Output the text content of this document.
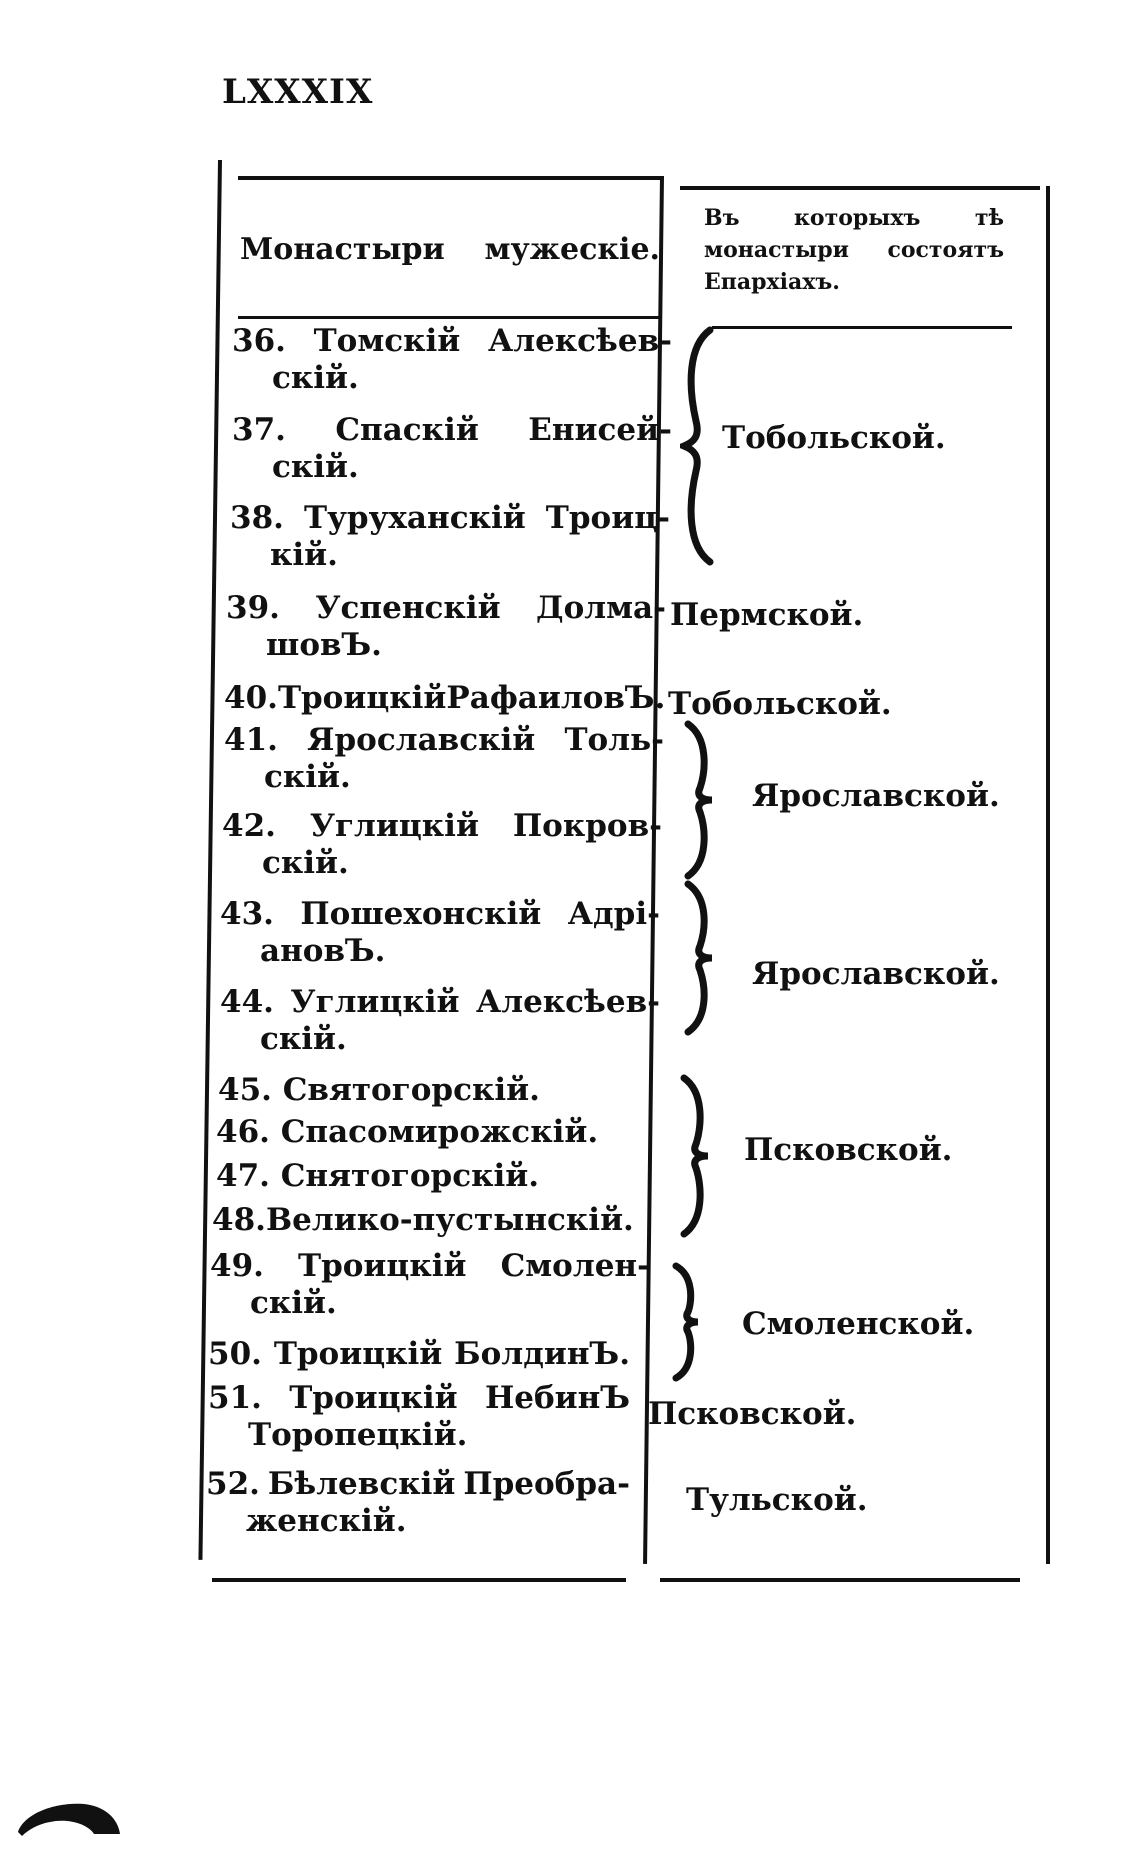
LXXXIX
Монастыри мужескіе.
Въ которыхъ тѣ монастыри состоятъ Епархіахъ.
36. Томскій Алексѣев-
скій.
37. Спаскій Енисей-
скій.
38. Туруханскій Троиц-
кій.
39. Успенскій Долма-
шовЪ.
40. Троицкій РафаиловЪ.
41. Ярославскій Толь-
скій.
42. Углицкій Покров-
скій.
43. Пошехонскій Адрі-
ановЪ.
44. Углицкій Алексѣев-
скій.
45. Святогорскій.
46. Спасомирожскій.
47. Снятогорскій.
48.Велико-пустынскій.
49. Троицкій Смолен-
скій.
50. Троицкій БолдинЪ.
51. Троицкій НебинЪ
Торопецкій.
52. Бѣлевскій Преобра-
женскій.
Тобольской.
Пермской.
Тобольской.
Ярославской.
Ярославской.
Псковской.
Смоленской.
Псковской.
Тульской.
